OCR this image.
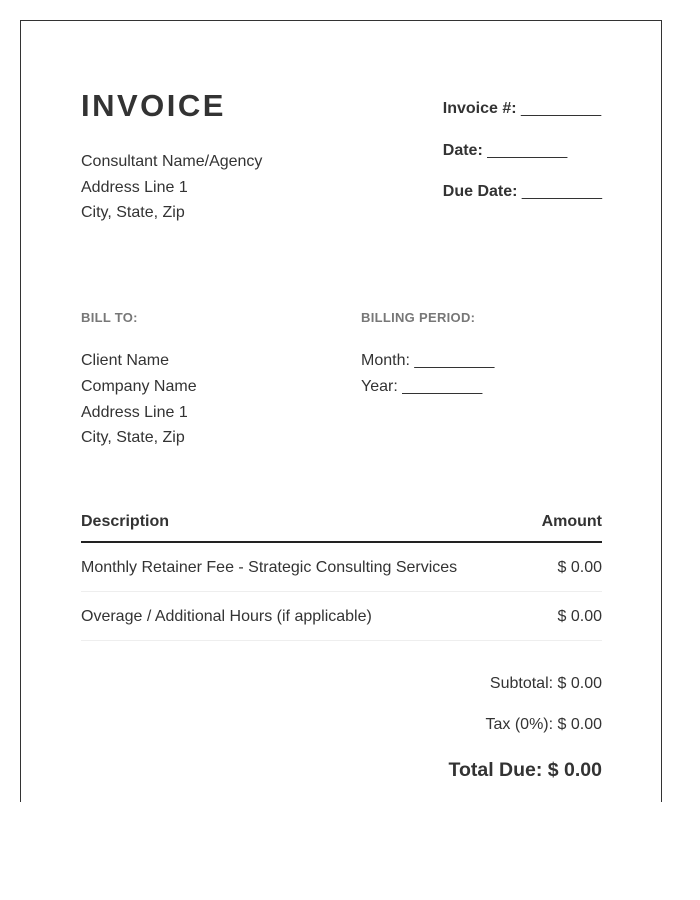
INVOICE
Consultant Name/Agency
Address Line 1
City, State, Zip
Invoice #: _________
Date: _________
Due Date: _________
BILL TO:
Client Name
Company Name
Address Line 1
City, State, Zip
BILLING PERIOD:
Month: _________
Year: _________
Description	Amount
Monthly Retainer Fee - Strategic Consulting Services	$ 0.00
Overage / Additional Hours (if applicable)	$ 0.00
Subtotal: $ 0.00
Tax (0%): $ 0.00
Total Due: $ 0.00
